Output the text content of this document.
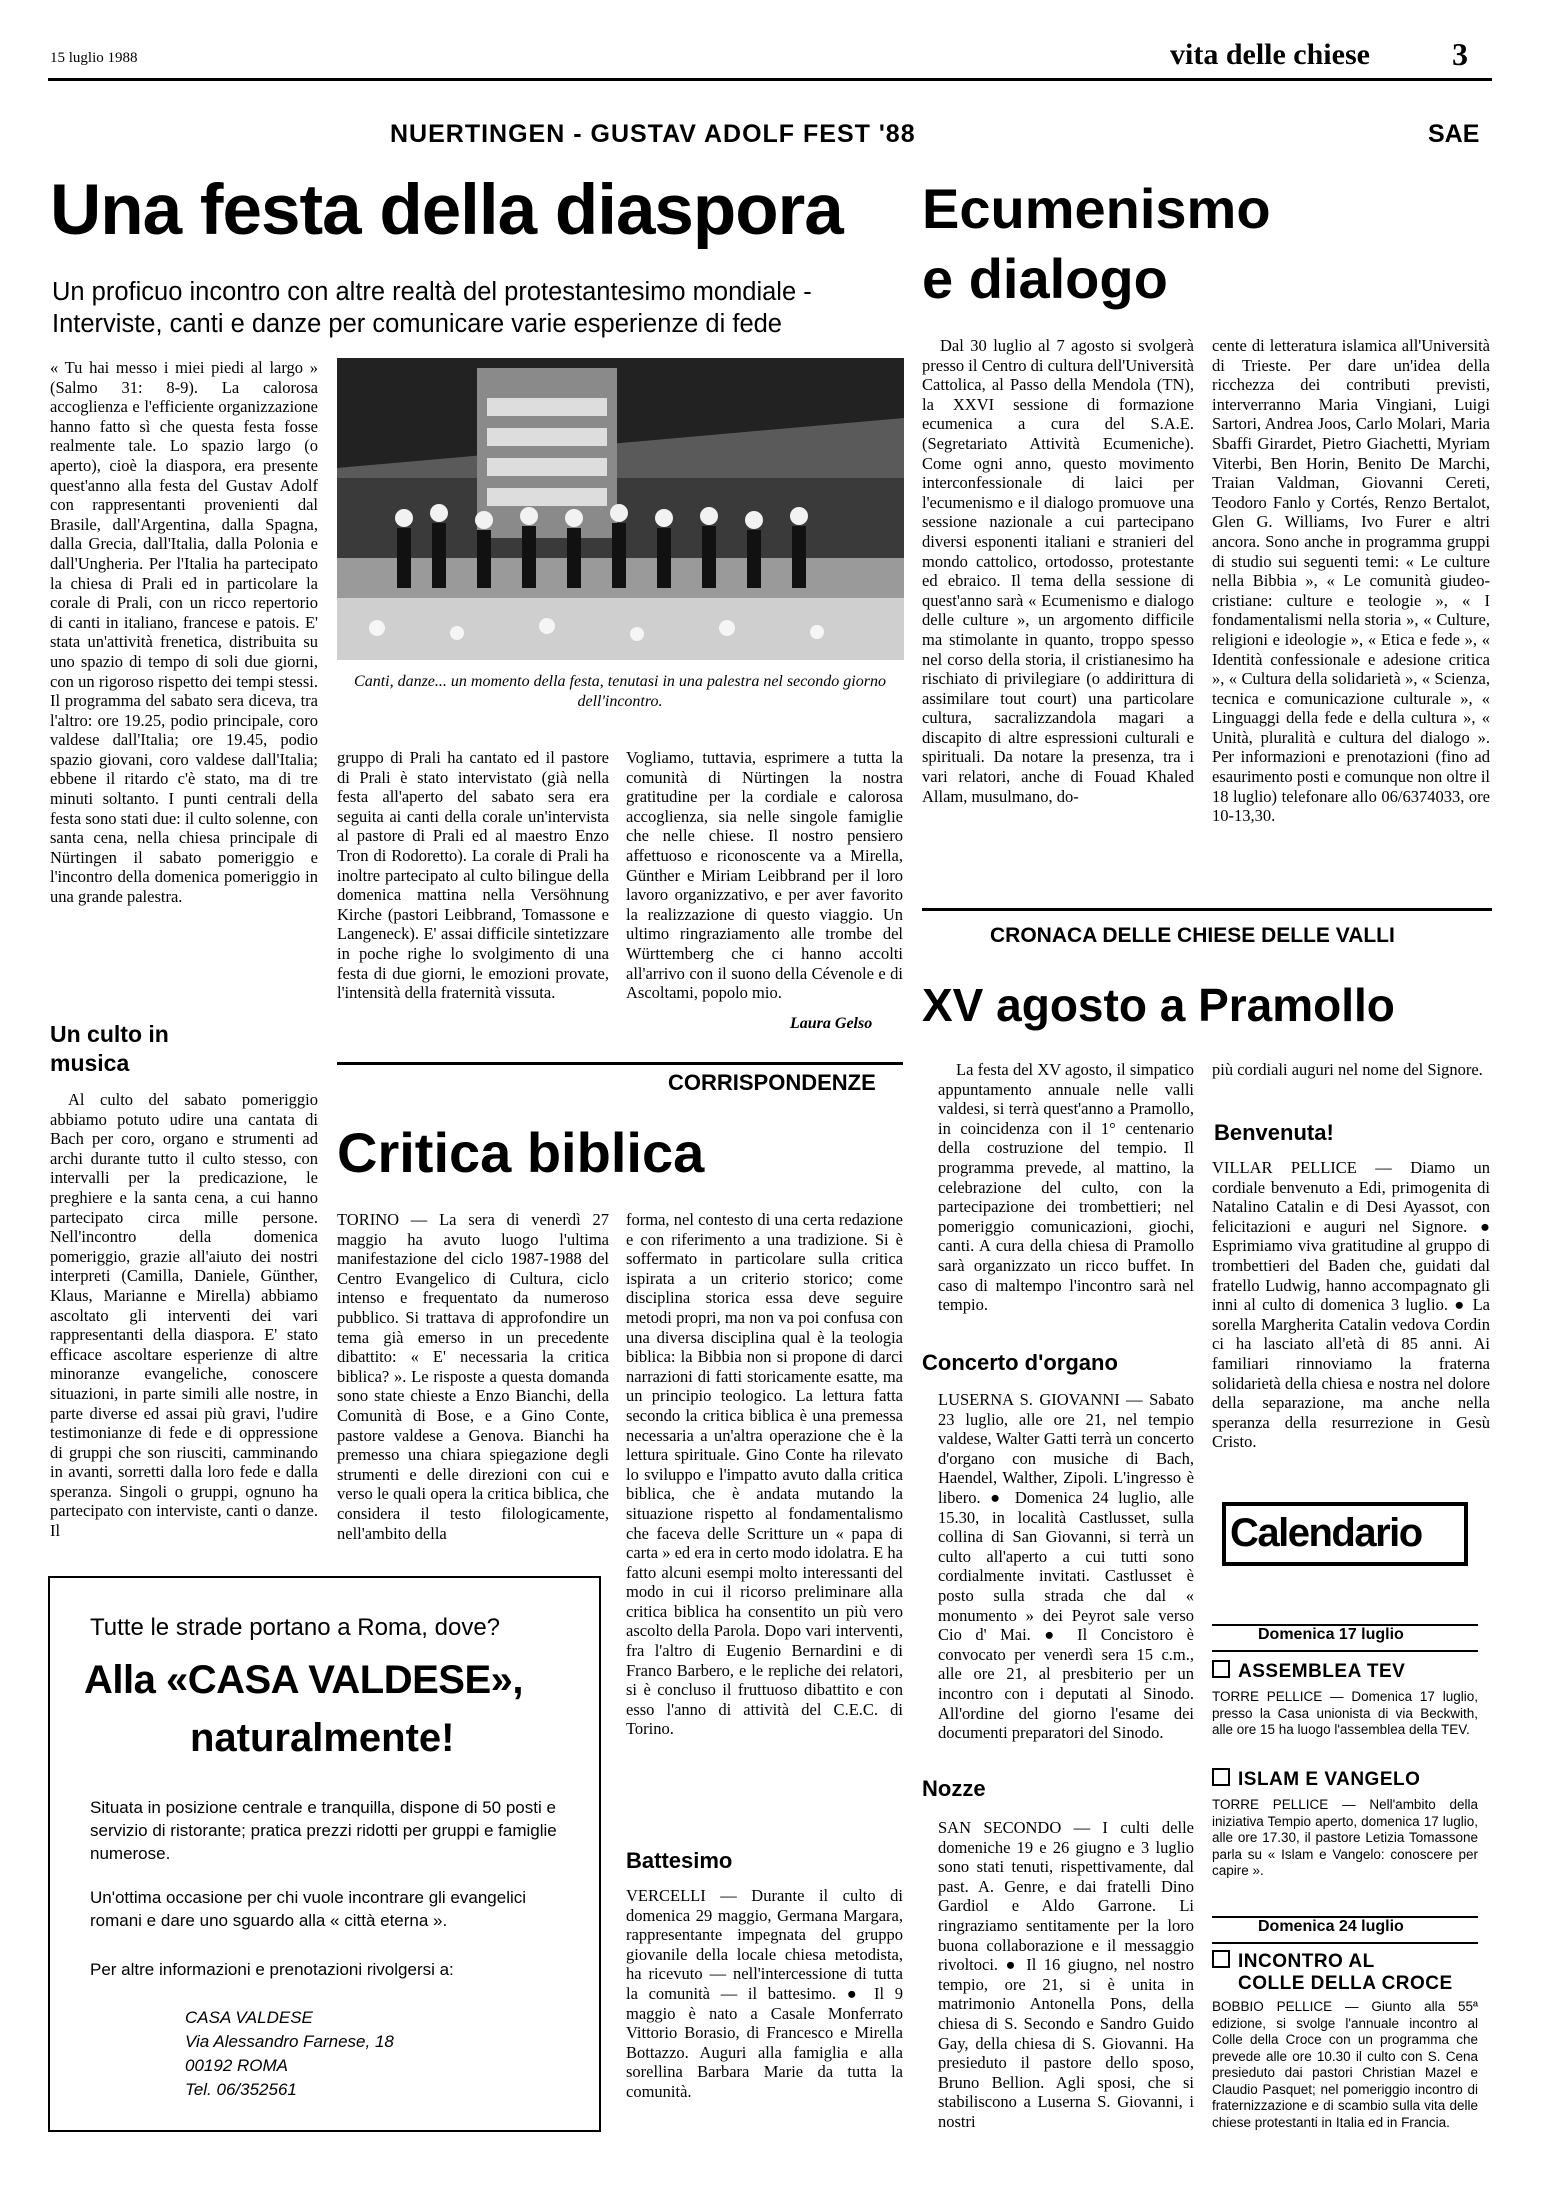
15 luglio 1988	vita delle chiese	3
NUERTINGEN - GUSTAV ADOLF FEST '88	SAE
Una festa della diaspora
Un proficuo incontro con altre realtà del protestantesimo mondiale - Interviste, canti e danze per comunicare varie esperienze di fede

« Tu hai messo i miei piedi al largo » (Salmo 31: 8-9). La calorosa accoglienza e l'efficiente organizzazione hanno fatto sì che questa festa fosse realmente tale. Lo spazio largo (o aperto), cioè la diaspora, era presente quest'anno alla festa del Gustav Adolf con rappresentanti provenienti dal Brasile, dall'Argentina, dalla Spagna, dalla Grecia, dall'Italia, dalla Polonia e dall'Ungheria. Per l'Italia ha partecipato la chiesa di Prali ed in particolare la corale di Prali, con un ricco repertorio di canti in italiano, francese e patois. E' stata un'attività frenetica, distribuita su uno spazio di tempo di soli due giorni, con un rigoroso rispetto dei tempi stessi. Il programma del sabato sera diceva, tra l'altro: ore 19.25, podio principale, coro valdese dall'Italia; ore 19.45, podio spazio giovani, coro valdese dall'Italia; ebbene il ritardo c'è stato, ma di tre minuti soltanto. I punti centrali della festa sono stati due: il culto solenne, con santa cena, nella chiesa principale di Nürtingen il sabato pomeriggio e l'incontro della domenica pomeriggio in una grande palestra.

Un culto in musica

Al culto del sabato pomeriggio abbiamo potuto udire una cantata di Bach per coro, organo e strumenti ad archi durante tutto il culto stesso, con intervalli per la predicazione, le preghiere e la santa cena, a cui hanno partecipato circa mille persone. Nell'incontro della domenica pomeriggio, grazie all'aiuto dei nostri interpreti (Camilla, Daniele, Günther, Klaus, Marianne e Mirella) abbiamo ascoltato gli interventi dei vari rappresentanti della diaspora. E' stato efficace ascoltare esperienze di altre minoranze evangeliche, conoscere situazioni, in parte simili alle nostre, in parte diverse ed assai più gravi, l'udire testimonianze di fede e di oppressione di gruppi che son riusciti, camminando in avanti, sorretti dalla loro fede e dalla speranza. Singoli o gruppi, ognuno ha partecipato con interviste, canti o danze. Il

Canti, danze... un momento della festa, tenutasi in una palestra nel secondo giorno dell'incontro.

gruppo di Prali ha cantato ed il pastore di Prali è stato intervistato (già nella festa all'aperto del sabato sera era seguita ai canti della corale un'intervista al pastore di Prali ed al maestro Enzo Tron di Rodoretto). La corale di Prali ha inoltre partecipato al culto bilingue della domenica mattina nella Versöhnung Kirche (pastori Leibbrand, Tomassone e Langeneck). E' assai difficile sintetizzare in poche righe lo svolgimento di una festa di due giorni, le emozioni provate, l'intensità della fraternità vissuta.

Vogliamo, tuttavia, esprimere a tutta la comunità di Nürtingen la nostra gratitudine per la cordiale e calorosa accoglienza, sia nelle singole famiglie che nelle chiese. Il nostro pensiero affettuoso e riconoscente va a Mirella, Günther e Miriam Leibbrand per il loro lavoro organizzativo, e per aver favorito la realizzazione di questo viaggio. Un ultimo ringraziamento alle trombe del Württemberg che ci hanno accolti all'arrivo con il suono della Cévenole e di Ascoltami, popolo mio.

Laura Gelso
CORRISPONDENZE
Critica biblica

TORINO — La sera di venerdì 27 maggio ha avuto luogo l'ultima manifestazione del ciclo 1987-1988 del Centro Evangelico di Cultura, ciclo intenso e frequentato da numeroso pubblico. Si trattava di approfondire un tema già emerso in un precedente dibattito: « E' necessaria la critica biblica? ». Le risposte a questa domanda sono state chieste a Enzo Bianchi, della Comunità di Bose, e a Gino Conte, pastore valdese a Genova. Bianchi ha premesso una chiara spiegazione degli strumenti e delle direzioni con cui e verso le quali opera la critica biblica, che considera il testo filologicamente, nell'ambito della

forma, nel contesto di una certa redazione e con riferimento a una tradizione. Si è soffermato in particolare sulla critica ispirata a un criterio storico; come disciplina storica essa deve seguire metodi propri, ma non va poi confusa con una diversa disciplina qual è la teologia biblica: la Bibbia non si propone di darci narrazioni di fatti storicamente esatte, ma un principio teologico. La lettura fatta secondo la critica biblica è una premessa necessaria a un'altra operazione che è la lettura spirituale. Gino Conte ha rilevato lo sviluppo e l'impatto avuto dalla critica biblica, che è andata mutando la situazione rispetto al fondamentalismo che faceva delle Scritture un « papa di carta » ed era in certo modo idolatra. E ha fatto alcuni esempi molto interessanti del modo in cui il ricorso preliminare alla critica biblica ha consentito un più vero ascolto della Parola. Dopo vari interventi, fra l'altro di Eugenio Bernardini e di Franco Barbero, e le repliche dei relatori, si è concluso il fruttuoso dibattito e con esso l'anno di attività del C.E.C. di Torino.

Battesimo

VERCELLI — Durante il culto di domenica 29 maggio, Germana Margara, rappresentante impegnata del gruppo giovanile della locale chiesa metodista, ha ricevuto — nell'intercessione di tutta la comunità — il battesimo. ● Il 9 maggio è nato a Casale Monferrato Vittorio Borasio, di Francesco e Mirella Bottazzo. Auguri alla famiglia e alla sorellina Barbara Marie da tutta la comunità.

Tutte le strade portano a Roma, dove?
Alla «CASA VALDESE»,
naturalmente!
Situata in posizione centrale e tranquilla, dispone di 50 posti e servizio di ristorante; pratica prezzi ridotti per gruppi e famiglie numerose.
Un'ottima occasione per chi vuole incontrare gli evangelici romani e dare uno sguardo alla « città eterna ».
Per altre informazioni e prenotazioni rivolgersi a:
CASA VALDESE
Via Alessandro Farnese, 18
00192 ROMA
Tel. 06/352561
Ecumenismo
e dialogo

Dal 30 luglio al 7 agosto si svolgerà presso il Centro di cultura dell'Università Cattolica, al Passo della Mendola (TN), la XXVI sessione di formazione ecumenica a cura del S.A.E. (Segretariato Attività Ecumeniche). Come ogni anno, questo movimento interconfessionale di laici per l'ecumenismo e il dialogo promuove una sessione nazionale a cui partecipano diversi esponenti italiani e stranieri del mondo cattolico, ortodosso, protestante ed ebraico. Il tema della sessione di quest'anno sarà « Ecumenismo e dialogo delle culture », un argomento difficile ma stimolante in quanto, troppo spesso nel corso della storia, il cristianesimo ha rischiato di privilegiare (o addirittura di assimilare tout court) una particolare cultura, sacralizzandola magari a discapito di altre espressioni culturali e spirituali. Da notare la presenza, tra i vari relatori, anche di Fouad Khaled Allam, musulmano, do-

cente di letteratura islamica all'Università di Trieste. Per dare un'idea della ricchezza dei contributi previsti, interverranno Maria Vingiani, Luigi Sartori, Andrea Joos, Carlo Molari, Maria Sbaffi Girardet, Pietro Giachetti, Myriam Viterbi, Ben Horin, Benito De Marchi, Traian Valdman, Giovanni Cereti, Teodoro Fanlo y Cortés, Renzo Bertalot, Glen G. Williams, Ivo Furer e altri ancora. Sono anche in programma gruppi di studio sui seguenti temi: « Le culture nella Bibbia », « Le comunità giudeo-cristiane: culture e teologie », « I fondamentalismi nella storia », « Culture, religioni e ideologie », « Etica e fede », « Identità confessionale e adesione critica », « Cultura della solidarietà », « Scienza, tecnica e comunicazione culturale », « Linguaggi della fede e della cultura », « Unità, pluralità e cultura del dialogo ». Per informazioni e prenotazioni (fino ad esaurimento posti e comunque non oltre il 18 luglio) telefonare allo 06/6374033, ore 10-13,30.

CRONACA DELLE CHIESE DELLE VALLI
XV agosto a Pramollo

La festa del XV agosto, il simpatico appuntamento annuale nelle valli valdesi, si terrà quest'anno a Pramollo, in coincidenza con il 1° centenario della costruzione del tempio. Il programma prevede, al mattino, la celebrazione del culto, con la partecipazione dei trombettieri; nel pomeriggio comunicazioni, giochi, canti. A cura della chiesa di Pramollo sarà organizzato un ricco buffet. In caso di maltempo l'incontro sarà nel tempio.

Concerto d'organo

LUSERNA S. GIOVANNI — Sabato 23 luglio, alle ore 21, nel tempio valdese, Walter Gatti terrà un concerto d'organo con musiche di Bach, Haendel, Walther, Zipoli. L'ingresso è libero. ● Domenica 24 luglio, alle 15.30, in località Castlusset, sulla collina di San Giovanni, si terrà un culto all'aperto a cui tutti sono cordialmente invitati. Castlusset è posto sulla strada che dal « monumento » dei Peyrot sale verso Cio d' Mai. ● Il Concistoro è convocato per venerdì sera 15 c.m., alle ore 21, al presbiterio per un incontro con i deputati al Sinodo. All'ordine del giorno l'esame dei documenti preparatori del Sinodo.

Nozze

SAN SECONDO — I culti delle domeniche 19 e 26 giugno e 3 luglio sono stati tenuti, rispettivamente, dal past. A. Genre, e dai fratelli Dino Gardiol e Aldo Garrone. Li ringraziamo sentitamente per la loro buona collaborazione e il messaggio rivoltoci. ● Il 16 giugno, nel nostro tempio, ore 21, si è unita in matrimonio Antonella Pons, della chiesa di S. Secondo e Sandro Guido Gay, della chiesa di S. Giovanni. Ha presieduto il pastore dello sposo, Bruno Bellion. Agli sposi, che si stabiliscono a Luserna S. Giovanni, i nostri

più cordiali auguri nel nome del Signore.

Benvenuta!

VILLAR PELLICE — Diamo un cordiale benvenuto a Edi, primogenita di Natalino Catalin e di Desi Ayassot, con felicitazioni e auguri nel Signore. ● Esprimiamo viva gratitudine al gruppo di trombettieri del Baden che, guidati dal fratello Ludwig, hanno accompagnato gli inni al culto di domenica 3 luglio. ● La sorella Margherita Catalin vedova Cordin ci ha lasciato all'età di 85 anni. Ai familiari rinnoviamo la fraterna solidarietà della chiesa e nostra nel dolore della separazione, ma anche nella speranza della resurrezione in Gesù Cristo.

Calendario
Domenica 17 luglio
ASSEMBLEA TEV
TORRE PELLICE — Domenica 17 luglio, presso la Casa unionista di via Beckwith, alle ore 15 ha luogo l'assemblea della TEV.
ISLAM E VANGELO
TORRE PELLICE — Nell'ambito della iniziativa Tempio aperto, domenica 17 luglio, alle ore 17.30, il pastore Letizia Tomassone parla su « Islam e Vangelo: conoscere per capire ».
Domenica 24 luglio
INCONTRO AL
COLLE DELLA CROCE
BOBBIO PELLICE — Giunto alla 55ª edizione, si svolge l'annuale incontro al Colle della Croce con un programma che prevede alle ore 10.30 il culto con S. Cena presieduto dai pastori Christian Mazel e Claudio Pasquet; nel pomeriggio incontro di fraternizzazione e di scambio sulla vita delle chiese protestanti in Italia ed in Francia.
